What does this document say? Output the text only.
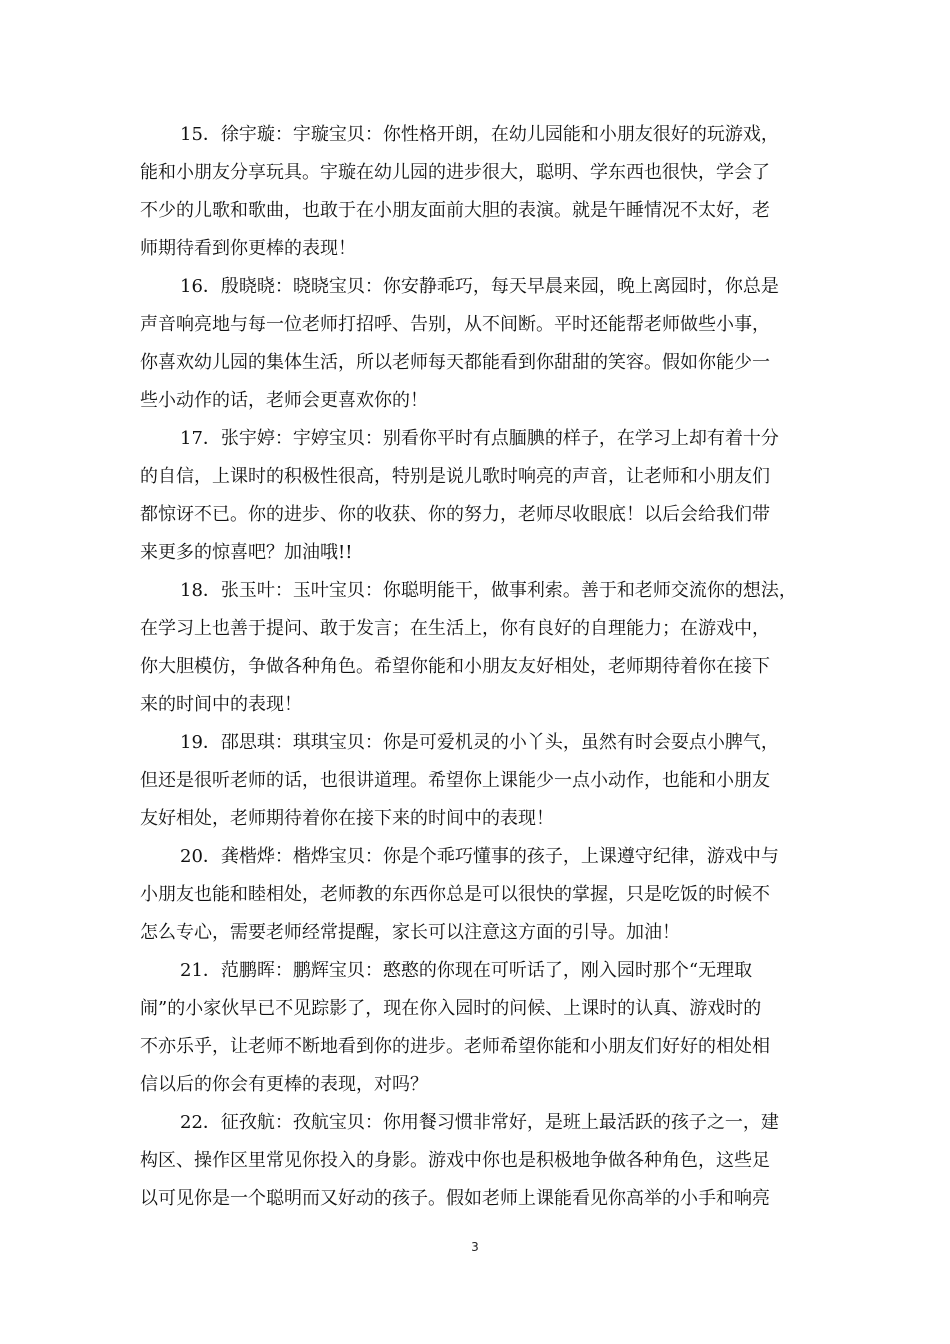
15．徐宇璇：宇璇宝贝：你性格开朗，在幼儿园能和小朋友很好的玩游戏，
能和小朋友分享玩具。宇璇在幼儿园的进步很大，聪明、学东西也很快，学会了
不少的儿歌和歌曲，也敢于在小朋友面前大胆的表演。就是午睡情况不太好，老
师期待看到你更棒的表现！
16．殷晓晓：晓晓宝贝：你安静乖巧，每天早晨来园，晚上离园时，你总是
声音响亮地与每一位老师打招呼、告别，从不间断。平时还能帮老师做些小事，
你喜欢幼儿园的集体生活，所以老师每天都能看到你甜甜的笑容。假如你能少一
些小动作的话，老师会更喜欢你的！
17．张宇婷：宇婷宝贝：别看你平时有点腼腆的样子，在学习上却有着十分
的自信，上课时的积极性很高，特别是说儿歌时响亮的声音，让老师和小朋友们
都惊讶不已。你的进步、你的收获、你的努力，老师尽收眼底！以后会给我们带
来更多的惊喜吧？加油哦!!
18．张玉叶：玉叶宝贝：你聪明能干，做事利索。善于和老师交流你的想法，
在学习上也善于提问、敢于发言；在生活上，你有良好的自理能力；在游戏中，
你大胆模仿，争做各种角色。希望你能和小朋友友好相处，老师期待着你在接下
来的时间中的表现！
19．邵思琪：琪琪宝贝：你是可爱机灵的小丫头，虽然有时会耍点小脾气，
但还是很听老师的话，也很讲道理。希望你上课能少一点小动作，也能和小朋友
友好相处，老师期待着你在接下来的时间中的表现！
20．龚楷烨：楷烨宝贝：你是个乖巧懂事的孩子，上课遵守纪律，游戏中与
小朋友也能和睦相处，老师教的东西你总是可以很快的掌握，只是吃饭的时候不
怎么专心，需要老师经常提醒，家长可以注意这方面的引导。加油！
21．范鹏晖：鹏辉宝贝：憨憨的你现在可听话了，刚入园时那个“无理取
闹”的小家伙早已不见踪影了，现在你入园时的问候、上课时的认真、游戏时的
不亦乐乎，让老师不断地看到你的进步。老师希望你能和小朋友们好好的相处相
信以后的你会有更棒的表现，对吗？
22．征孜航：孜航宝贝：你用餐习惯非常好，是班上最活跃的孩子之一，建
构区、操作区里常见你投入的身影。游戏中你也是积极地争做各种角色，这些足
以可见你是一个聪明而又好动的孩子。假如老师上课能看见你高举的小手和响亮
3
